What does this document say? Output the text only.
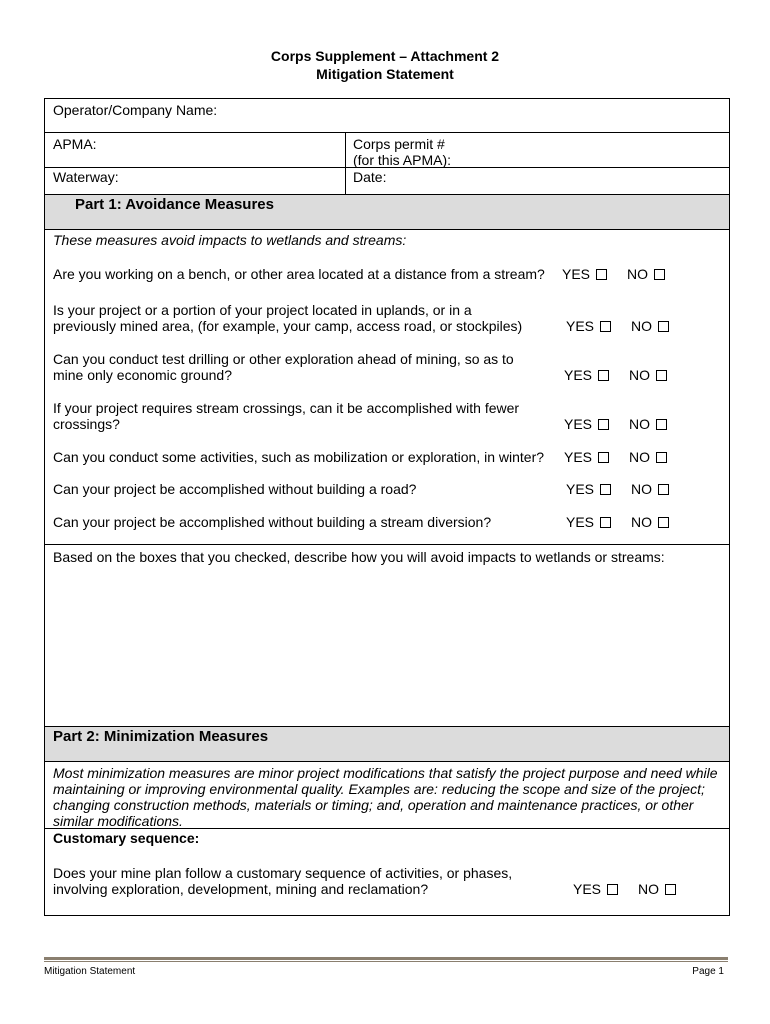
Corps Supplement – Attachment 2
Mitigation Statement
Operator/Company Name:
APMA:	Corps permit #
(for this APMA):
Waterway:	Date:
Part 1: Avoidance Measures
These measures avoid impacts to wetlands and streams:
Are you working on a bench, or other area located at a distance from a stream? YES	NO
Is your project or a portion of your project located in uplands, or in a
previously mined area, (for example, your camp, access road, or stockpiles)	YES	NO
Can you conduct test drilling or other exploration ahead of mining, so as to
mine only economic ground?	YES	NO
If your project requires stream crossings, can it be accomplished with fewer
crossings?	YES	NO
Can you conduct some activities, such as mobilization or exploration, in winter? YES	NO
Can your project be accomplished without building a road?	YES	NO
Can your project be accomplished without building a stream diversion?	YES	NO
Based on the boxes that you checked, describe how you will avoid impacts to wetlands or streams:
Part 2: Minimization Measures
Most minimization measures are minor project modifications that satisfy the project purpose and need while
maintaining or improving environmental quality. Examples are: reducing the scope and size of the project;
changing construction methods, materials or timing; and, operation and maintenance practices, or other
similar modifications.
Customary sequence:
Does your mine plan follow a customary sequence of activities, or phases,
involving exploration, development, mining and reclamation?	YES	NO
Mitigation Statement	Page 1
